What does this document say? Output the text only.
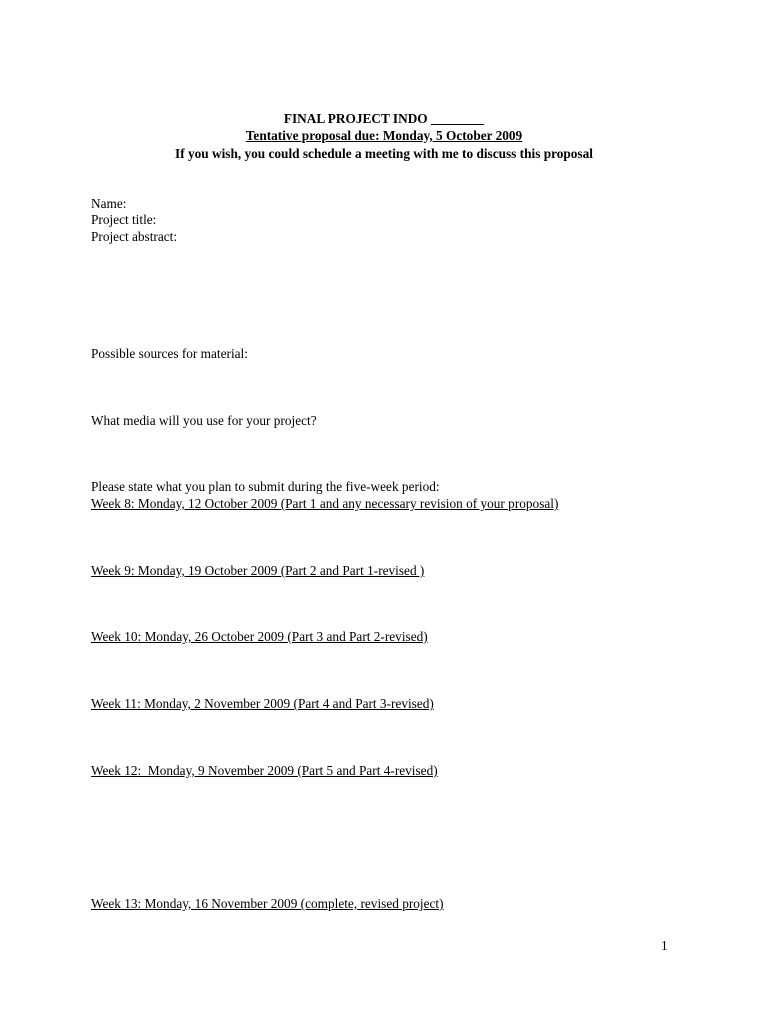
FINAL PROJECT INDO ________
Tentative proposal due: Monday, 5 October 2009
If you wish, you could schedule a meeting with me to discuss this proposal
Name:
Project title:
Project abstract:
Possible sources for material:
What media will you use for your project?
Please state what you plan to submit during the five-week period:
Week 8: Monday, 12 October 2009 (Part 1 and any necessary revision of your proposal)
Week 9: Monday, 19 October 2009 (Part 2 and Part 1-revised )
Week 10: Monday, 26 October 2009 (Part 3 and Part 2-revised)
Week 11: Monday, 2 November 2009 (Part 4 and Part 3-revised)
Week 12:  Monday, 9 November 2009 (Part 5 and Part 4-revised)
Week 13: Monday, 16 November 2009 (complete, revised project)
1
